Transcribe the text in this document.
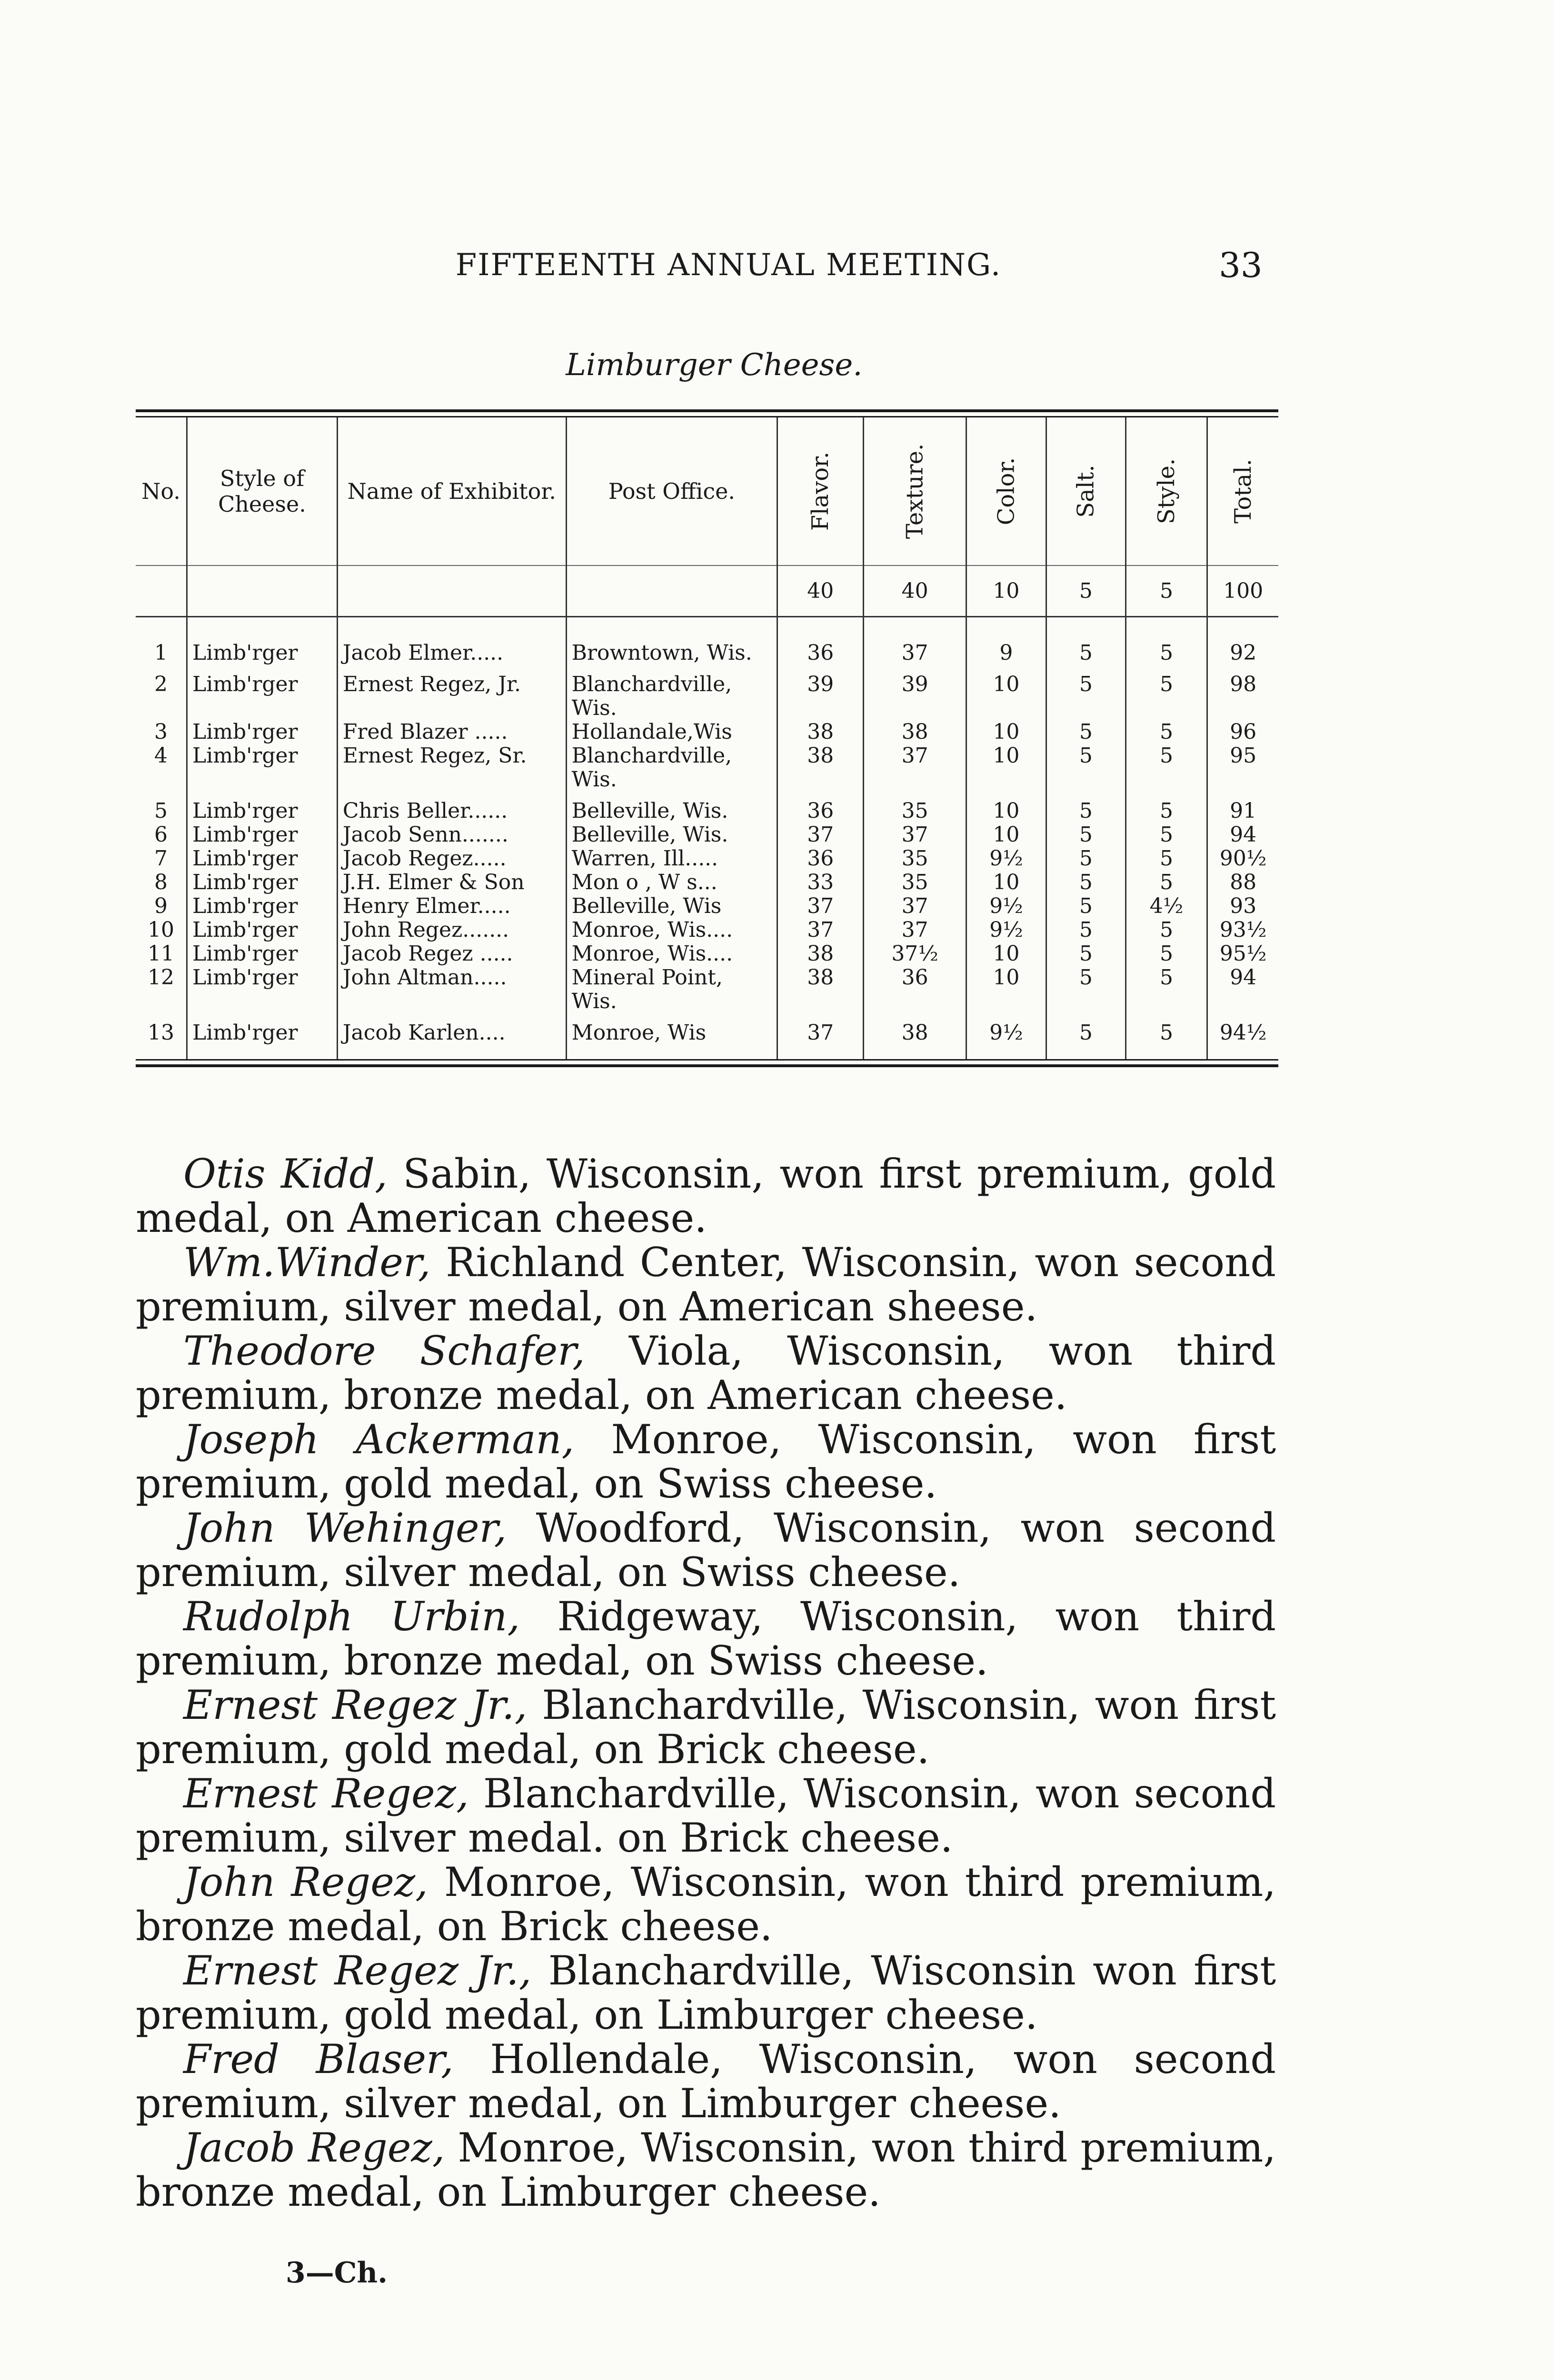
FIFTEENTH ANNUAL MEETING.	33
Limburger Cheese.
No.	Style of Cheese.	Name of Exhibitor.	Post Office.	Flavor.	Texture.	Color.	Salt.	Style.	Total.
				40	40	10	5	5	100
1	Limb'rger	Jacob Elmer.....	Browntown, Wis.	36	37	9	5	5	92
2	Limb'rger	Ernest Regez, Jr.	Blanchardville, Wis.	39	39	10	5	5	98
3	Limb'rger	Fred Blazer .....	Hollandale,Wis	38	38	10	5	5	96
4	Limb'rger	Ernest Regez, Sr.	Blanchardville, Wis.	38	37	10	5	5	95
5	Limb'rger	Chris Beller......	Belleville, Wis.	36	35	10	5	5	91
6	Limb'rger	Jacob Senn.......	Belleville, Wis.	37	37	10	5	5	94
7	Limb'rger	Jacob Regez.....	Warren, Ill.....	36	35	9½	5	5	90½
8	Limb'rger	J.H. Elmer & Son	Mon o , W s...	33	35	10	5	5	88
9	Limb'rger	Henry Elmer.....	Belleville, Wis	37	37	9½	5	4½	93
10	Limb'rger	John Regez.......	Monroe, Wis....	37	37	9½	5	5	93½
11	Limb'rger	Jacob Regez .....	Monroe, Wis....	38	37½	10	5	5	95½
12	Limb'rger	John Altman.....	Mineral Point, Wis.	38	36	10	5	5	94
13	Limb'rger	Jacob Karlen....	Monroe, Wis	37	38	9½	5	5	94½

Otis Kidd, Sabin, Wisconsin, won first premium, gold medal, on American cheese.

Wm.Winder, Richland Center, Wisconsin, won second premium, silver medal, on American sheese.

Theodore Schafer, Viola, Wisconsin, won third premium, bronze medal, on American cheese.

Joseph Ackerman, Monroe, Wisconsin, won first premium, gold medal, on Swiss cheese.

John Wehinger, Woodford, Wisconsin, won second premium, silver medal, on Swiss cheese.

Rudolph Urbin, Ridgeway, Wisconsin, won third premium, bronze medal, on Swiss cheese.

Ernest Regez Jr., Blanchardville, Wisconsin, won first premium, gold medal, on Brick cheese.

Ernest Regez, Blanchardville, Wisconsin, won second premium, silver medal. on Brick cheese.

John Regez, Monroe, Wisconsin, won third premium, bronze medal, on Brick cheese.

Ernest Regez Jr., Blanchardville, Wisconsin won first premium, gold medal, on Limburger cheese.

Fred Blaser, Hollendale, Wisconsin, won second premium, silver medal, on Limburger cheese.

Jacob Regez, Monroe, Wisconsin, won third premium, bronze medal, on Limburger cheese.

3—Ch.
